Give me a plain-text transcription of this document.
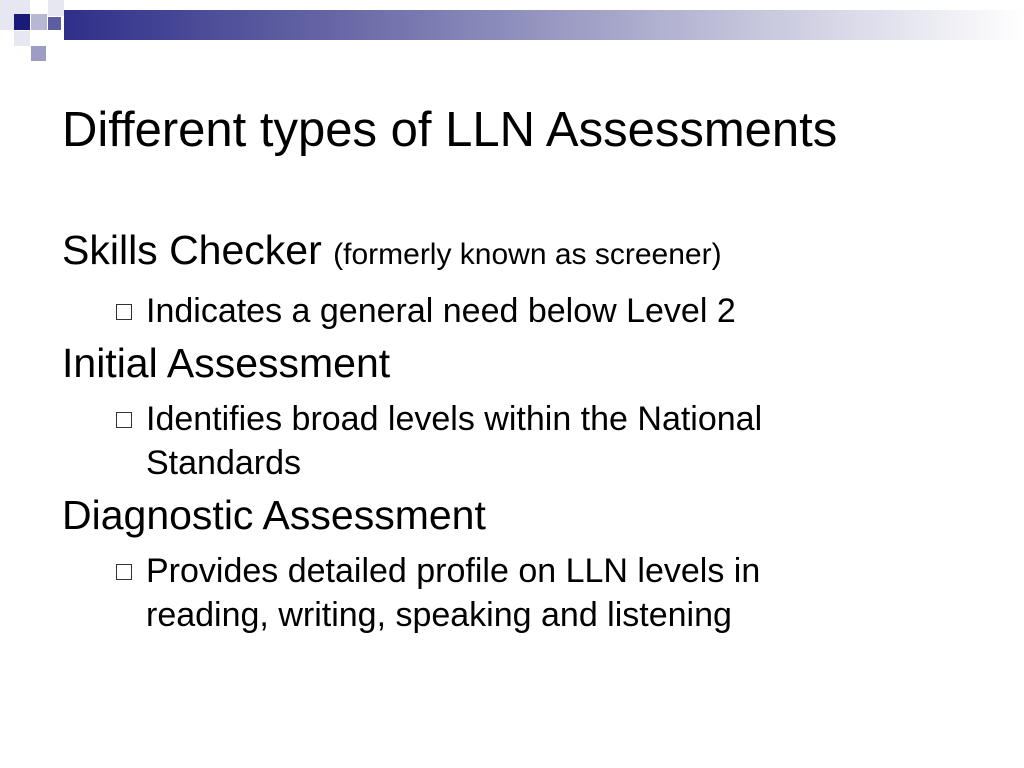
Different types of LLN Assessments
Skills Checker (formerly known as screener)
Indicates a general need below Level 2
Initial Assessment
Identifies broad levels within the National Standards
Diagnostic Assessment
Provides detailed profile on LLN levels in reading, writing, speaking and listening
